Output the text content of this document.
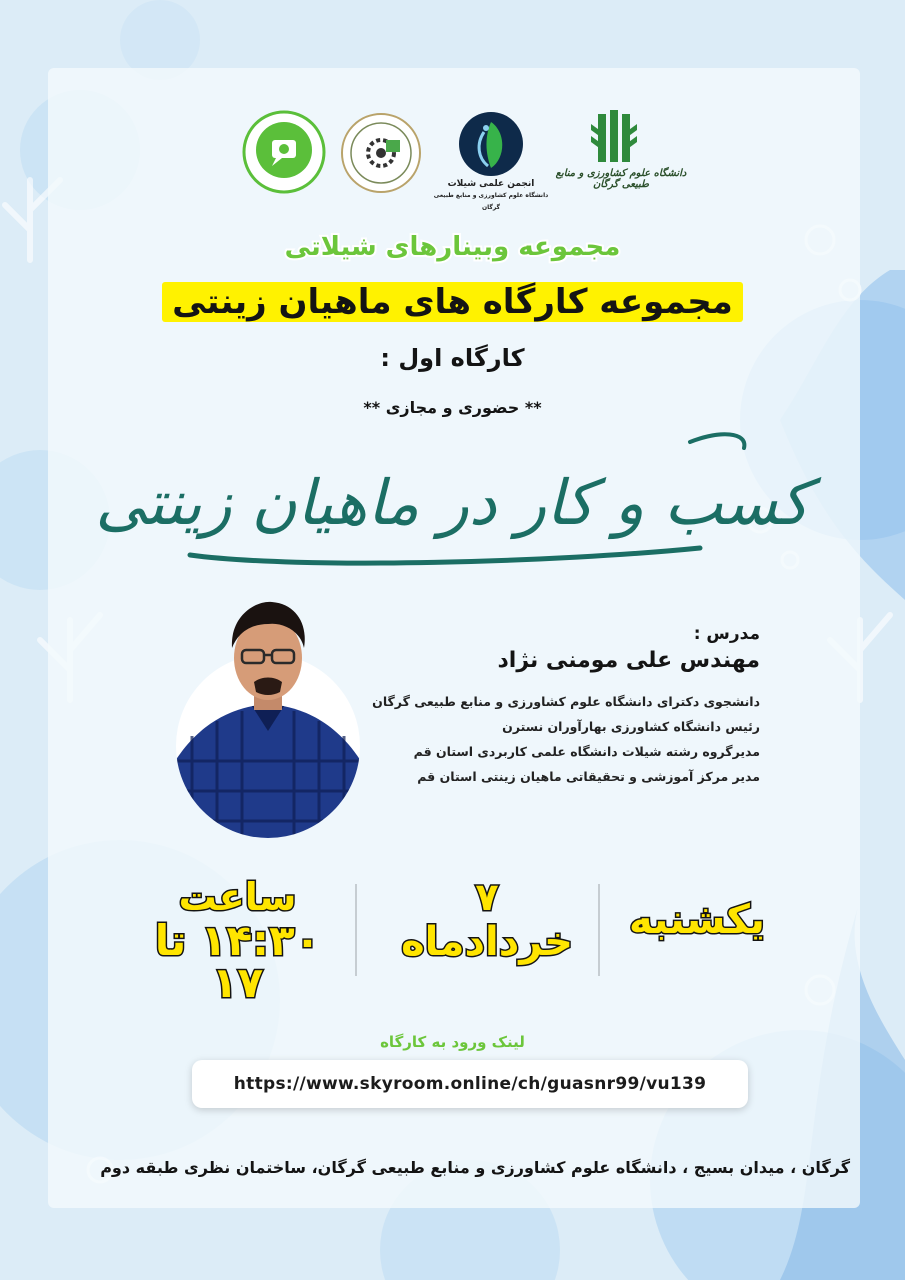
انجمن علمی شیلات
دانشگاه علوم کشاورزی و منابع طبیعی گرگان
دانشگاه علوم کشاورزی و منابع طبیعی گرگان
مجموعه وبینارهای شیلاتی
مجموعه کارگاه های ماهیان زینتی
کارگاه اول :
** حضوری و مجازی **
کسب و کار در ماهیان زینتی
مدرس :
مهندس علی مومنی نژاد
دانشجوی دکترای دانشگاه علوم کشاورزی و منابع طبیعی گرگان
رئیس دانشگاه کشاورزی بهارآوران نسترن
مدیرگروه رشته شیلات دانشگاه علمی کاربردی استان قم
مدیر مرکز آموزشی و تحقیقاتی ماهیان زینتی استان قم
یکشنبه
۷
خردادماه
ساعت
۱۴:۳۰ تا ۱۷
لینک ورود به کارگاه
https://www.skyroom.online/ch/guasnr99/vu139
گرگان ، میدان بسیج ، دانشگاه علوم کشاورزی و منابع طبیعی گرگان، ساختمان نظری طبقه دوم
